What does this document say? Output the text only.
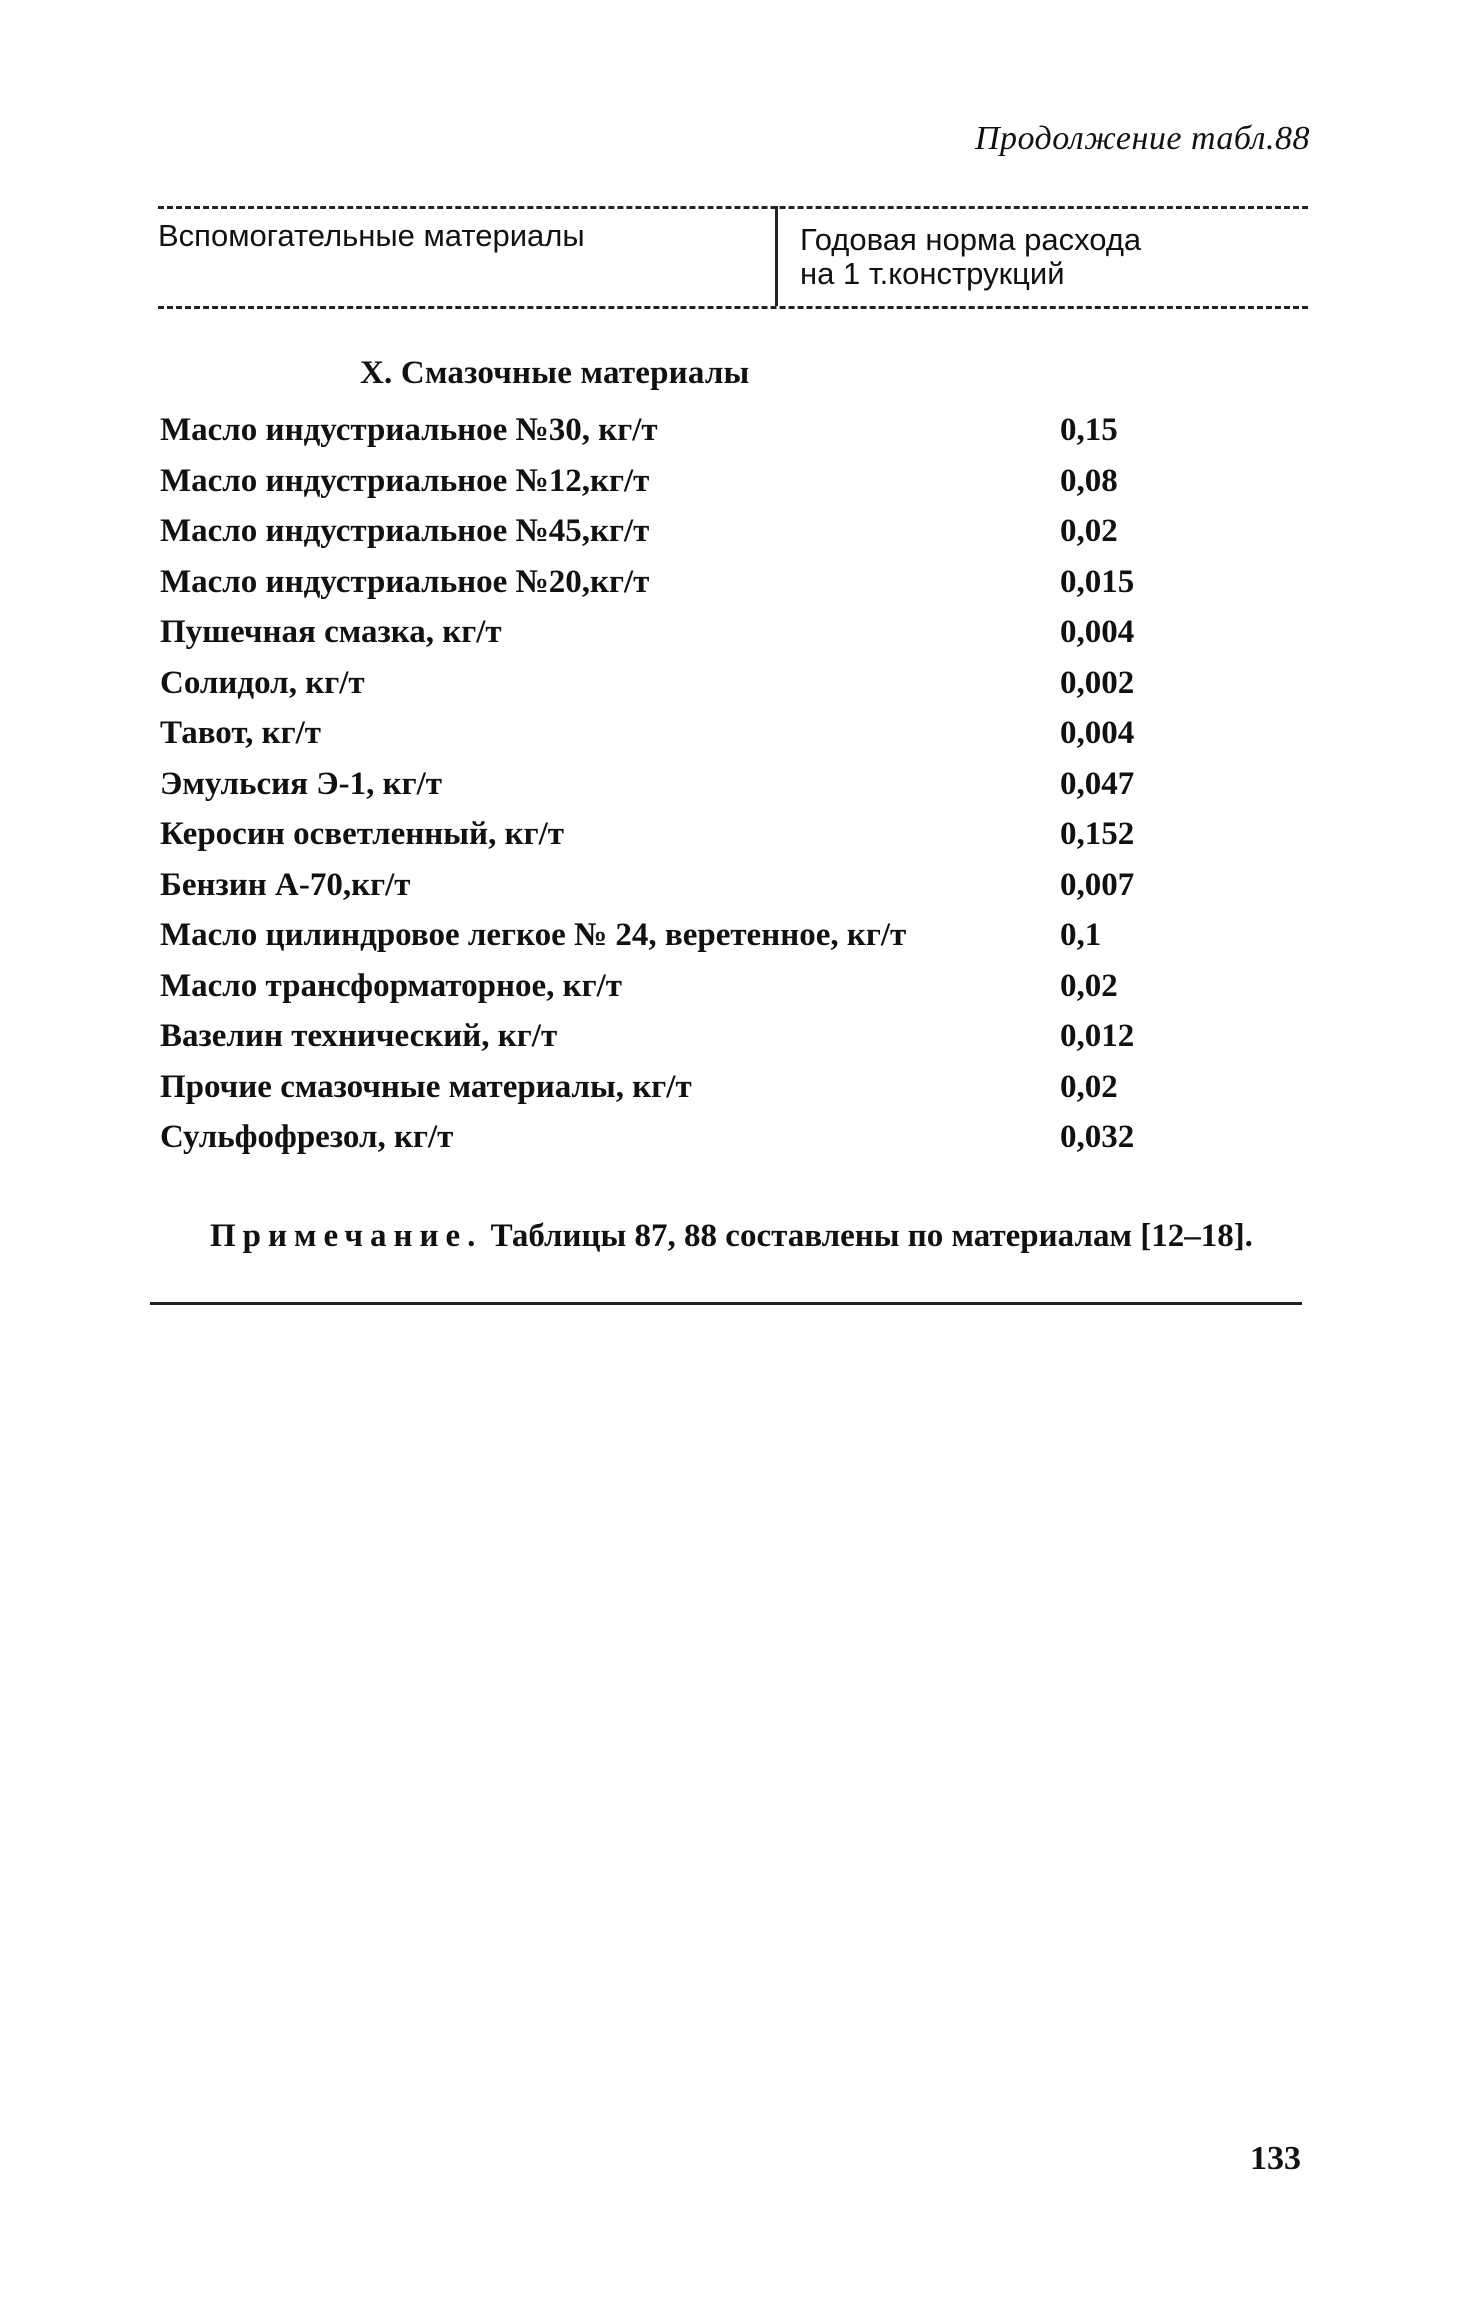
Продолжение табл.88
Вспомогательные материалы	Годовая норма расхода
на 1 т.конструкций
X. Смазочные материалы
Масло индустриальное №30, кг/т	0,15
Масло индустриальное №12,кг/т	0,08
Масло индустриальное №45,кг/т	0,02
Масло индустриальное №20,кг/т	0,015
Пушечная смазка, кг/т	0,004
Солидол, кг/т	0,002
Тавот, кг/т	0,004
Эмульсия Э-1, кг/т	0,047
Керосин осветленный, кг/т	0,152
Бензин А-70,кг/т	0,007
Масло цилиндровое легкое № 24, веретенное, кг/т	0,1
Масло трансформаторное, кг/т	0,02
Вазелин технический, кг/т	0,012
Прочие смазочные материалы, кг/т	0,02
Сульфофрезол, кг/т	0,032
Примечание. Таблицы 87, 88 составлены по материалам [12–18].
133
